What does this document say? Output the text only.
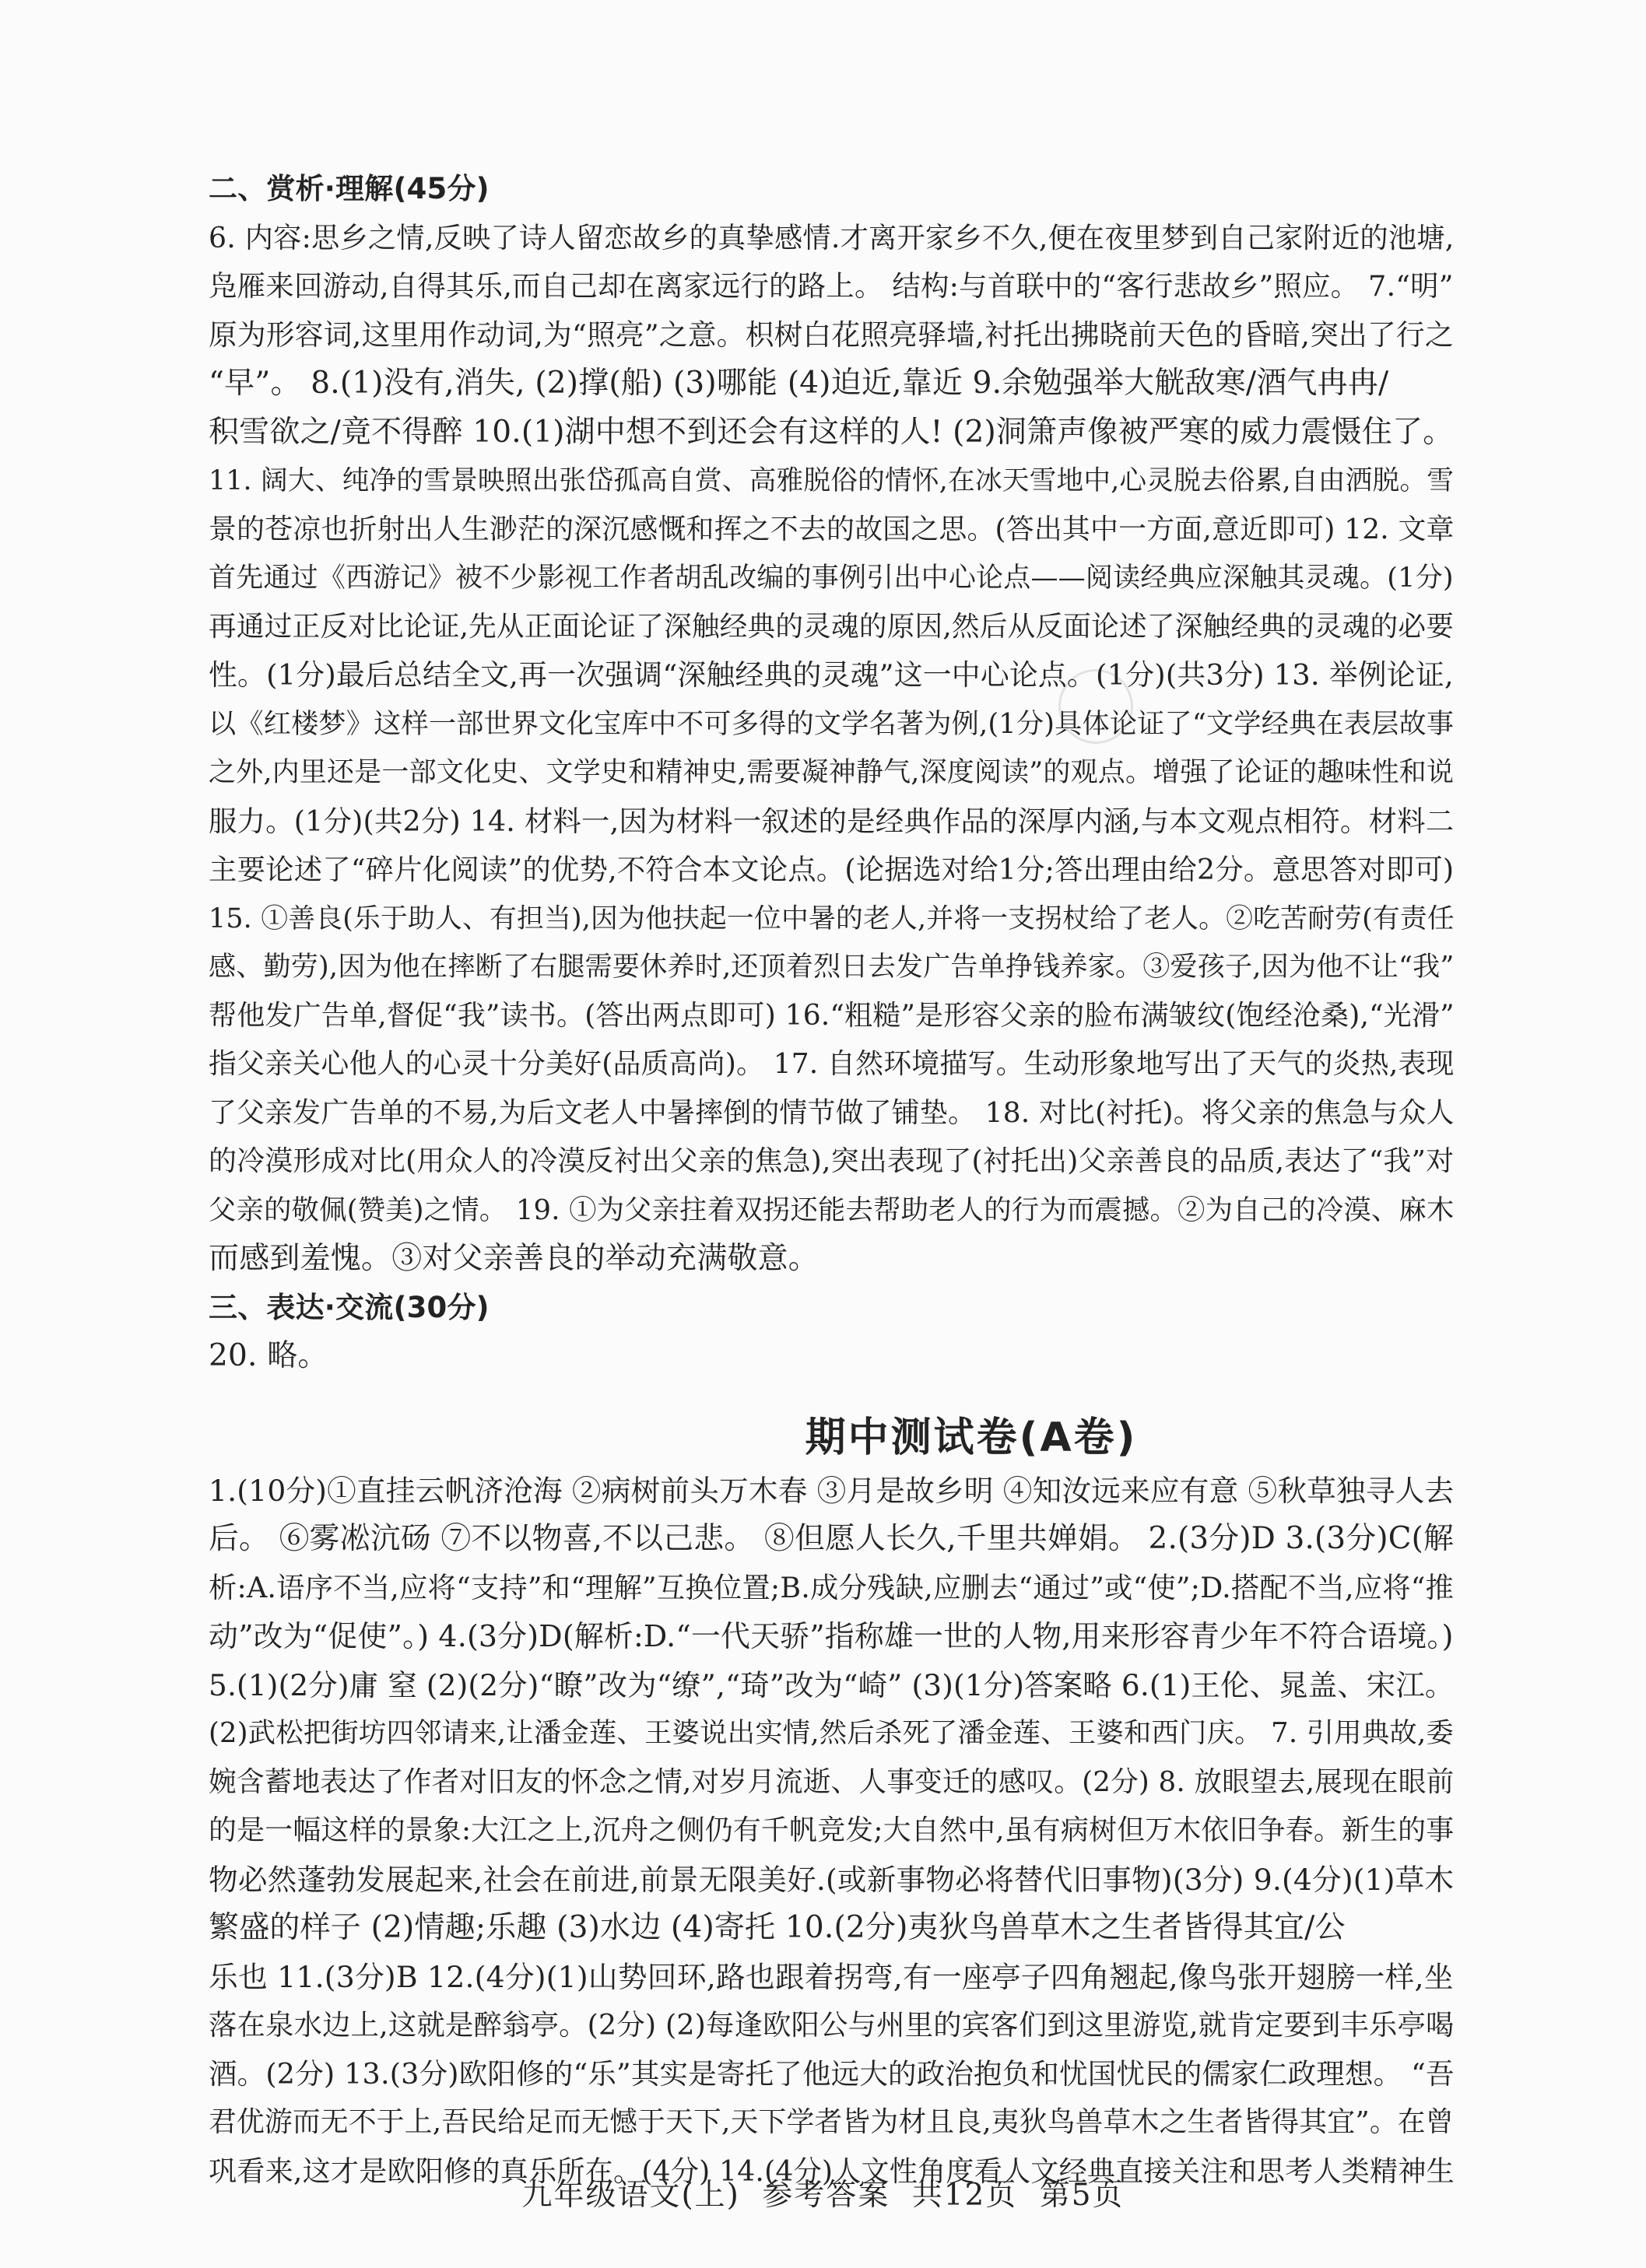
二、赏析·理解(45分)
6. 内容:思乡之情,反映了诗人留恋故乡的真挚感情.才离开家乡不久,便在夜里梦到自己家附近的池塘,
凫雁来回游动,自得其乐,而自己却在离家远行的路上。 结构:与首联中的“客行悲故乡”照应。 7.“明”
原为形容词,这里用作动词,为“照亮”之意。枳树白花照亮驿墙,衬托出拂晓前天色的昏暗,突出了行之
“早”。 8.(1)没有,消失, (2)撑(船) (3)哪能 (4)迫近,靠近 9.余勉强举大觥敌寒/酒气冉冉/
积雪欲之/竟不得醉 10.(1)湖中想不到还会有这样的人! (2)洞箫声像被严寒的威力震慑住了。
11. 阔大、纯净的雪景映照出张岱孤高自赏、高雅脱俗的情怀,在冰天雪地中,心灵脱去俗累,自由洒脱。雪
景的苍凉也折射出人生渺茫的深沉感慨和挥之不去的故国之思。(答出其中一方面,意近即可) 12. 文章
首先通过《西游记》被不少影视工作者胡乱改编的事例引出中心论点——阅读经典应深触其灵魂。(1分)
再通过正反对比论证,先从正面论证了深触经典的灵魂的原因,然后从反面论述了深触经典的灵魂的必要
性。(1分)最后总结全文,再一次强调“深触经典的灵魂”这一中心论点。(1分)(共3分) 13. 举例论证,
以《红楼梦》这样一部世界文化宝库中不可多得的文学名著为例,(1分)具体论证了“文学经典在表层故事
之外,内里还是一部文化史、文学史和精神史,需要凝神静气,深度阅读”的观点。增强了论证的趣味性和说
服力。(1分)(共2分) 14. 材料一,因为材料一叙述的是经典作品的深厚内涵,与本文观点相符。材料二
主要论述了“碎片化阅读”的优势,不符合本文论点。(论据选对给1分;答出理由给2分。意思答对即可)
15. ①善良(乐于助人、有担当),因为他扶起一位中暑的老人,并将一支拐杖给了老人。②吃苦耐劳(有责任
感、勤劳),因为他在摔断了右腿需要休养时,还顶着烈日去发广告单挣钱养家。③爱孩子,因为他不让“我”
帮他发广告单,督促“我”读书。(答出两点即可) 16.“粗糙”是形容父亲的脸布满皱纹(饱经沧桑),“光滑”
指父亲关心他人的心灵十分美好(品质高尚)。 17. 自然环境描写。生动形象地写出了天气的炎热,表现
了父亲发广告单的不易,为后文老人中暑摔倒的情节做了铺垫。 18. 对比(衬托)。将父亲的焦急与众人
的冷漠形成对比(用众人的冷漠反衬出父亲的焦急),突出表现了(衬托出)父亲善良的品质,表达了“我”对
父亲的敬佩(赞美)之情。 19. ①为父亲拄着双拐还能去帮助老人的行为而震撼。②为自己的冷漠、麻木
而感到羞愧。③对父亲善良的举动充满敬意。
三、表达·交流(30分)
20. 略。
期中测试卷(A卷)
1.(10分)①直挂云帆济沧海 ②病树前头万木春 ③月是故乡明 ④知汝远来应有意 ⑤秋草独寻人去
后。 ⑥雾凇沆砀 ⑦不以物喜,不以己悲。 ⑧但愿人长久,千里共婵娟。 2.(3分)D 3.(3分)C(解
析:A.语序不当,应将“支持”和“理解”互换位置;B.成分残缺,应删去“通过”或“使”;D.搭配不当,应将“推
动”改为“促使”。) 4.(3分)D(解析:D.“一代天骄”指称雄一世的人物,用来形容青少年不符合语境。)
5.(1)(2分)庸 窒 (2)(2分)“瞭”改为“缭”,“琦”改为“崎” (3)(1分)答案略 6.(1)王伦、晁盖、宋江。
(2)武松把街坊四邻请来,让潘金莲、王婆说出实情,然后杀死了潘金莲、王婆和西门庆。 7. 引用典故,委
婉含蓄地表达了作者对旧友的怀念之情,对岁月流逝、人事变迁的感叹。(2分) 8. 放眼望去,展现在眼前
的是一幅这样的景象:大江之上,沉舟之侧仍有千帆竞发;大自然中,虽有病树但万木依旧争春。新生的事
物必然蓬勃发展起来,社会在前进,前景无限美好.(或新事物必将替代旧事物)(3分) 9.(4分)(1)草木
繁盛的样子 (2)情趣;乐趣 (3)水边 (4)寄托 10.(2分)夷狄鸟兽草木之生者皆得其宜/公
乐也 11.(3分)B 12.(4分)(1)山势回环,路也跟着拐弯,有一座亭子四角翘起,像鸟张开翅膀一样,坐
落在泉水边上,这就是醉翁亭。(2分) (2)每逢欧阳公与州里的宾客们到这里游览,就肯定要到丰乐亭喝
酒。(2分) 13.(3分)欧阳修的“乐”其实是寄托了他远大的政治抱负和忧国忧民的儒家仁政理想。 “吾
君优游而无不于上,吾民给足而无憾于天下,天下学者皆为材且良,夷狄鸟兽草木之生者皆得其宜”。在曾
巩看来,这才是欧阳修的真乐所在。(4分) 14.(4分)人文性角度看人文经典直接关注和思考人类精神生
九年级语文(上) 参考答案 共12页 第5页
